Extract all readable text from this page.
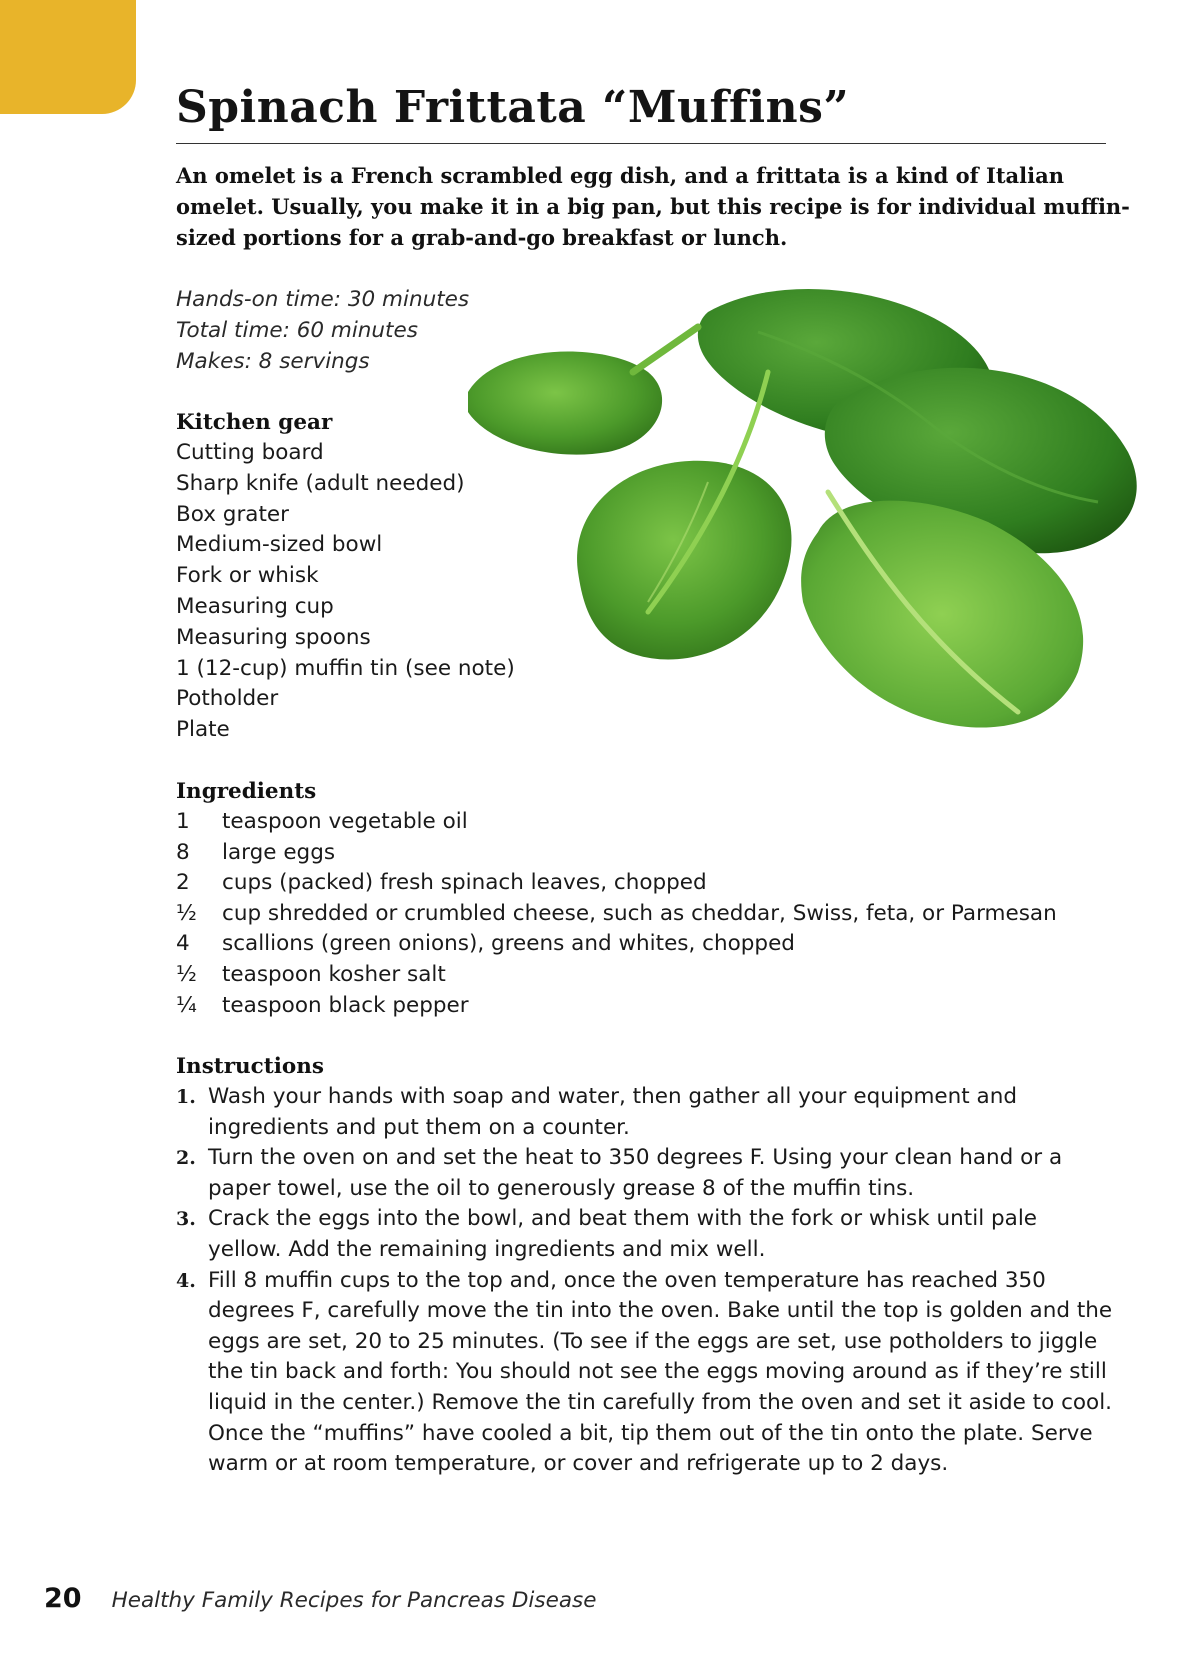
Spinach Frittata “Muffins”

An omelet is a French scrambled egg dish, and a frittata is a kind of Italian omelet. Usually, you make it in a big pan, but this recipe is for individual muffin-sized portions for a grab-and-go breakfast or lunch.

Hands-on time: 30 minutes
Total time: 60 minutes
Makes: 8 servings
Kitchen gear
Cutting board
Sharp knife (adult needed)
Box grater
Medium-sized bowl
Fork or whisk
Measuring cup
Measuring spoons
1 (12-cup) muffin tin (see note)
Potholder
Plate
Ingredients
1	teaspoon vegetable oil
8	large eggs
2	cups (packed) fresh spinach leaves, chopped
½	cup shredded or crumbled cheese, such as cheddar, Swiss, feta, or Parmesan
4	scallions (green onions), greens and whites, chopped
½	teaspoon kosher salt
¼	teaspoon black pepper
Instructions
1. Wash your hands with soap and water, then gather all your equipment and ingredients and put them on a counter.
2. Turn the oven on and set the heat to 350 degrees F. Using your clean hand or a paper towel, use the oil to generously grease 8 of the muffin tins.
3. Crack the eggs into the bowl, and beat them with the fork or whisk until pale yellow. Add the remaining ingredients and mix well.
4. Fill 8 muffin cups to the top and, once the oven temperature has reached 350 degrees F, carefully move the tin into the oven. Bake until the top is golden and the eggs are set, 20 to 25 minutes. (To see if the eggs are set, use potholders to jiggle the tin back and forth: You should not see the eggs moving around as if they’re still liquid in the center.) Remove the tin carefully from the oven and set it aside to cool. Once the “muffins” have cooled a bit, tip them out of the tin onto the plate. Serve warm or at room temperature, or cover and refrigerate up to 2 days.
20 Healthy Family Recipes for Pancreas Disease
